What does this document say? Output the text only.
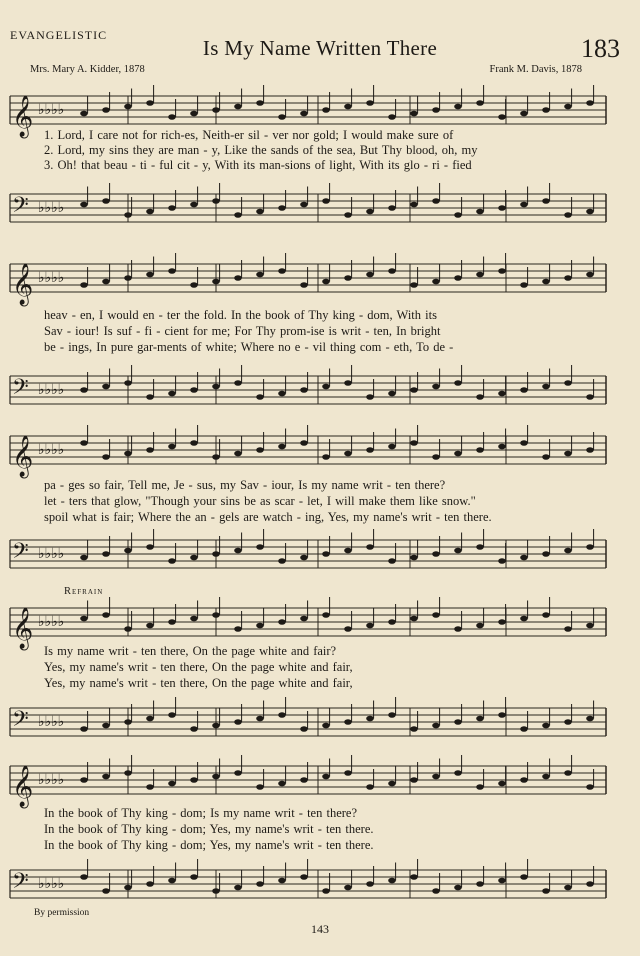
EVANGELISTIC
Is My Name Written There	183
Mrs. Mary A. Kidder, 1878	Frank M. Davis, 1878
𝄞 ♭♭♭♭
1. Lord, I care not for rich-es, Neith-er sil - ver nor gold; I would make sure of
2. Lord, my sins they are man - y, Like the sands of the sea, But Thy blood, oh, my
3. Oh! that beau - ti - ful cit - y, With its man-sions of light, With its glo - ri - fied
𝄢 ♭♭♭♭
𝄞 ♭♭♭♭
heav - en, I would en - ter the fold. In the book of Thy king - dom, With its
Sav - iour! Is suf - fi - cient for me; For Thy prom-ise is writ - ten, In bright
be - ings, In pure gar-ments of white; Where no e - vil thing com - eth, To de -
𝄢 ♭♭♭♭
𝄞 ♭♭♭♭
pa - ges so fair, Tell me, Je - sus, my Sav - iour, Is my name writ - ten there?
let - ters that glow, "Though your sins be as scar - let, I will make them like snow."
spoil what is fair; Where the an - gels are watch - ing, Yes, my name's writ - ten there.
𝄢 ♭♭♭♭
Refrain
𝄞 ♭♭♭♭
Is my name writ - ten there, On the page white and fair?
Yes, my name's writ - ten there, On the page white and fair,
Yes, my name's writ - ten there, On the page white and fair,
𝄢 ♭♭♭♭
𝄞 ♭♭♭♭
In the book of Thy king - dom; Is my name writ - ten there?
In the book of Thy king - dom; Yes, my name's writ - ten there.
In the book of Thy king - dom; Yes, my name's writ - ten there.
𝄢 ♭♭♭♭
By permission
143
